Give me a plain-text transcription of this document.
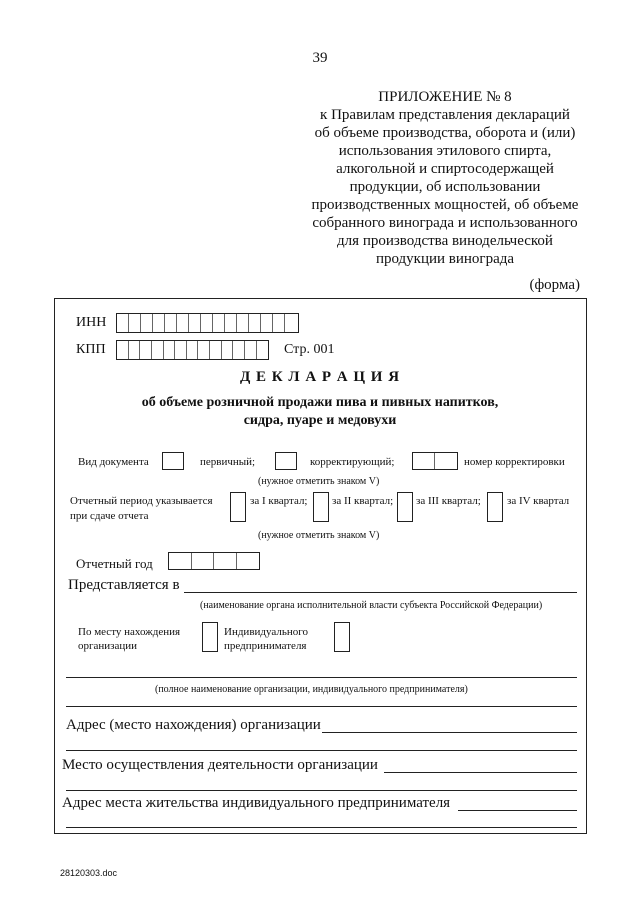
39
ПРИЛОЖЕНИЕ № 8
к Правилам представления деклараций
об объеме производства, оборота и (или)
использования этилового спирта,
алкогольной и спиртосодержащей
продукции, об использовании
производственных мощностей, об объеме
собранного винограда и использованного
для производства винодельческой
продукции винограда
(форма)
ИНН
КПП	Стр. 001
Д Е К Л А Р А Ц И Я
об объеме розничной продажи пива и пивных напитков,
сидра, пуаре и медовухи
Вид документа	первичный;	корректирующий;	номер корректировки
(нужное отметить знаком V)
Отчетный период указывается
при сдаче отчета
за I квартал; за II квартал; за III квартал; за IV квартал
(нужное отметить знаком V)
Отчетный год
Представляется в
(наименование органа исполнительной власти субъекта Российской Федерации)
По месту нахождения
организации
Индивидуального
предпринимателя
(полное наименование организации, индивидуального предпринимателя)
Адрес (место нахождения) организации
Место осуществления деятельности организации
Адрес места жительства индивидуального предпринимателя
28120303.doc
